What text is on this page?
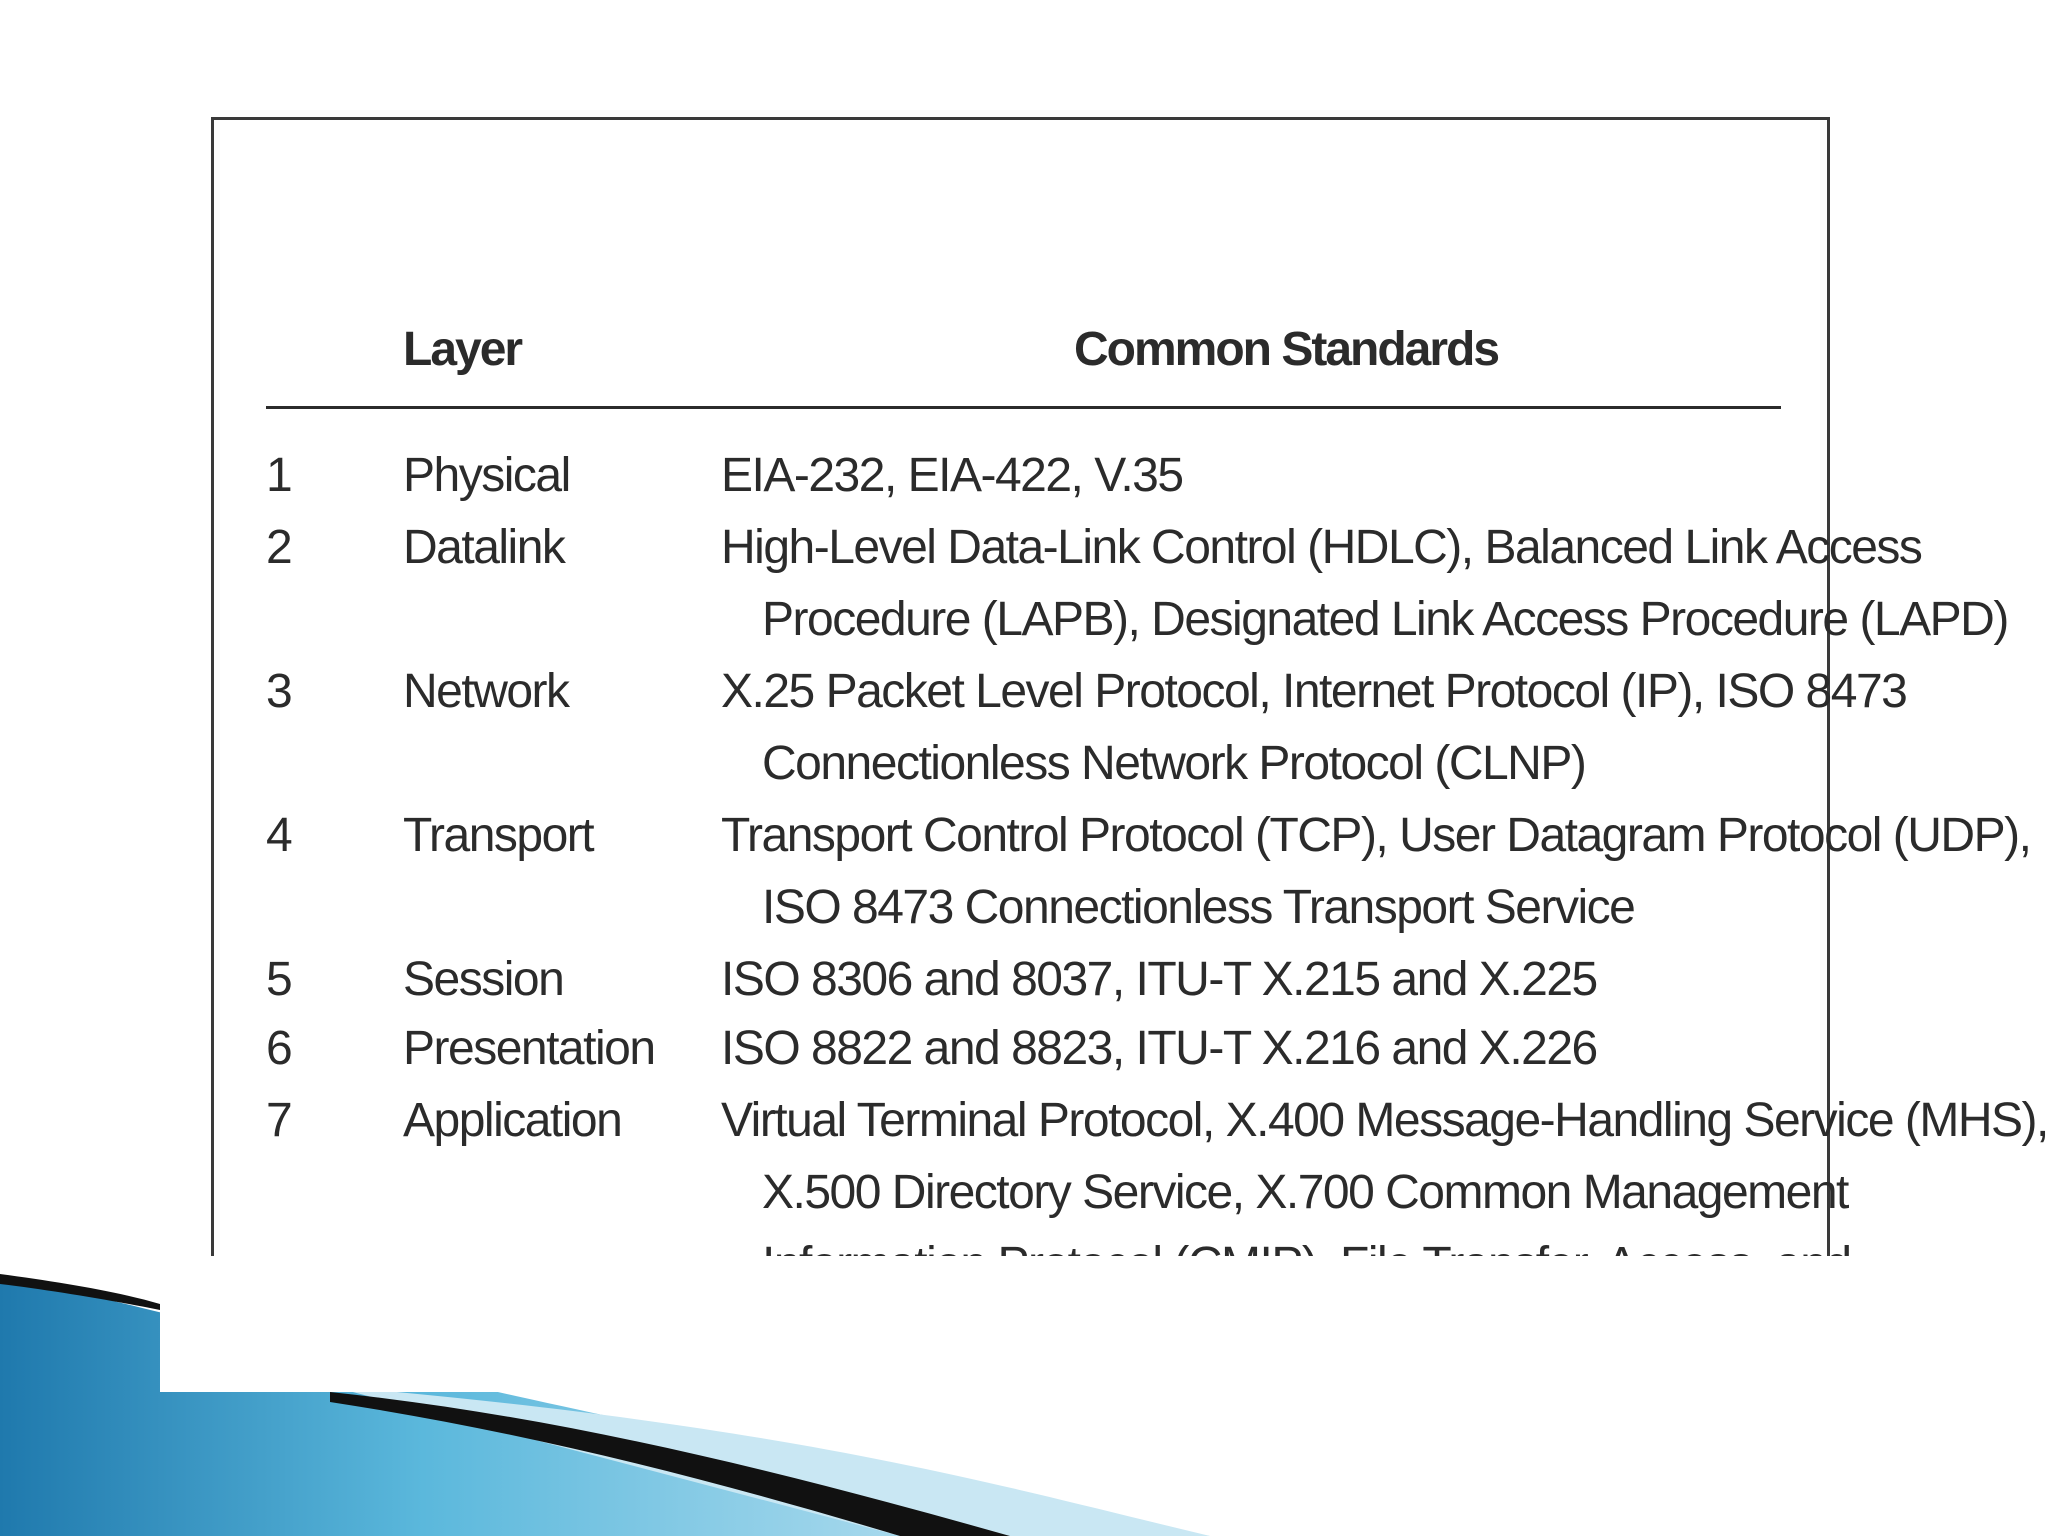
Layer	Common Standards
1 Physical	EIA-232, EIA-422, V.35
2 Datalink	High-Level Data-Link Control (HDLC), Balanced Link Access
Procedure (LAPB), Designated Link Access Procedure (LAPD)
3 Network	X.25 Packet Level Protocol, Internet Protocol (IP), ISO 8473
Connectionless Network Protocol (CLNP)
4 Transport	Transport Control Protocol (TCP), User Datagram Protocol (UDP),
ISO 8473 Connectionless Transport Service
5 Session	ISO 8306 and 8037, ITU-T X.215 and X.225
6 Presentation ISO 8822 and 8823, ITU-T X.216 and X.226
7 Application Virtual Terminal Protocol, X.400 Message-Handling Service (MHS),
X.500 Directory Service, X.700 Common Management
